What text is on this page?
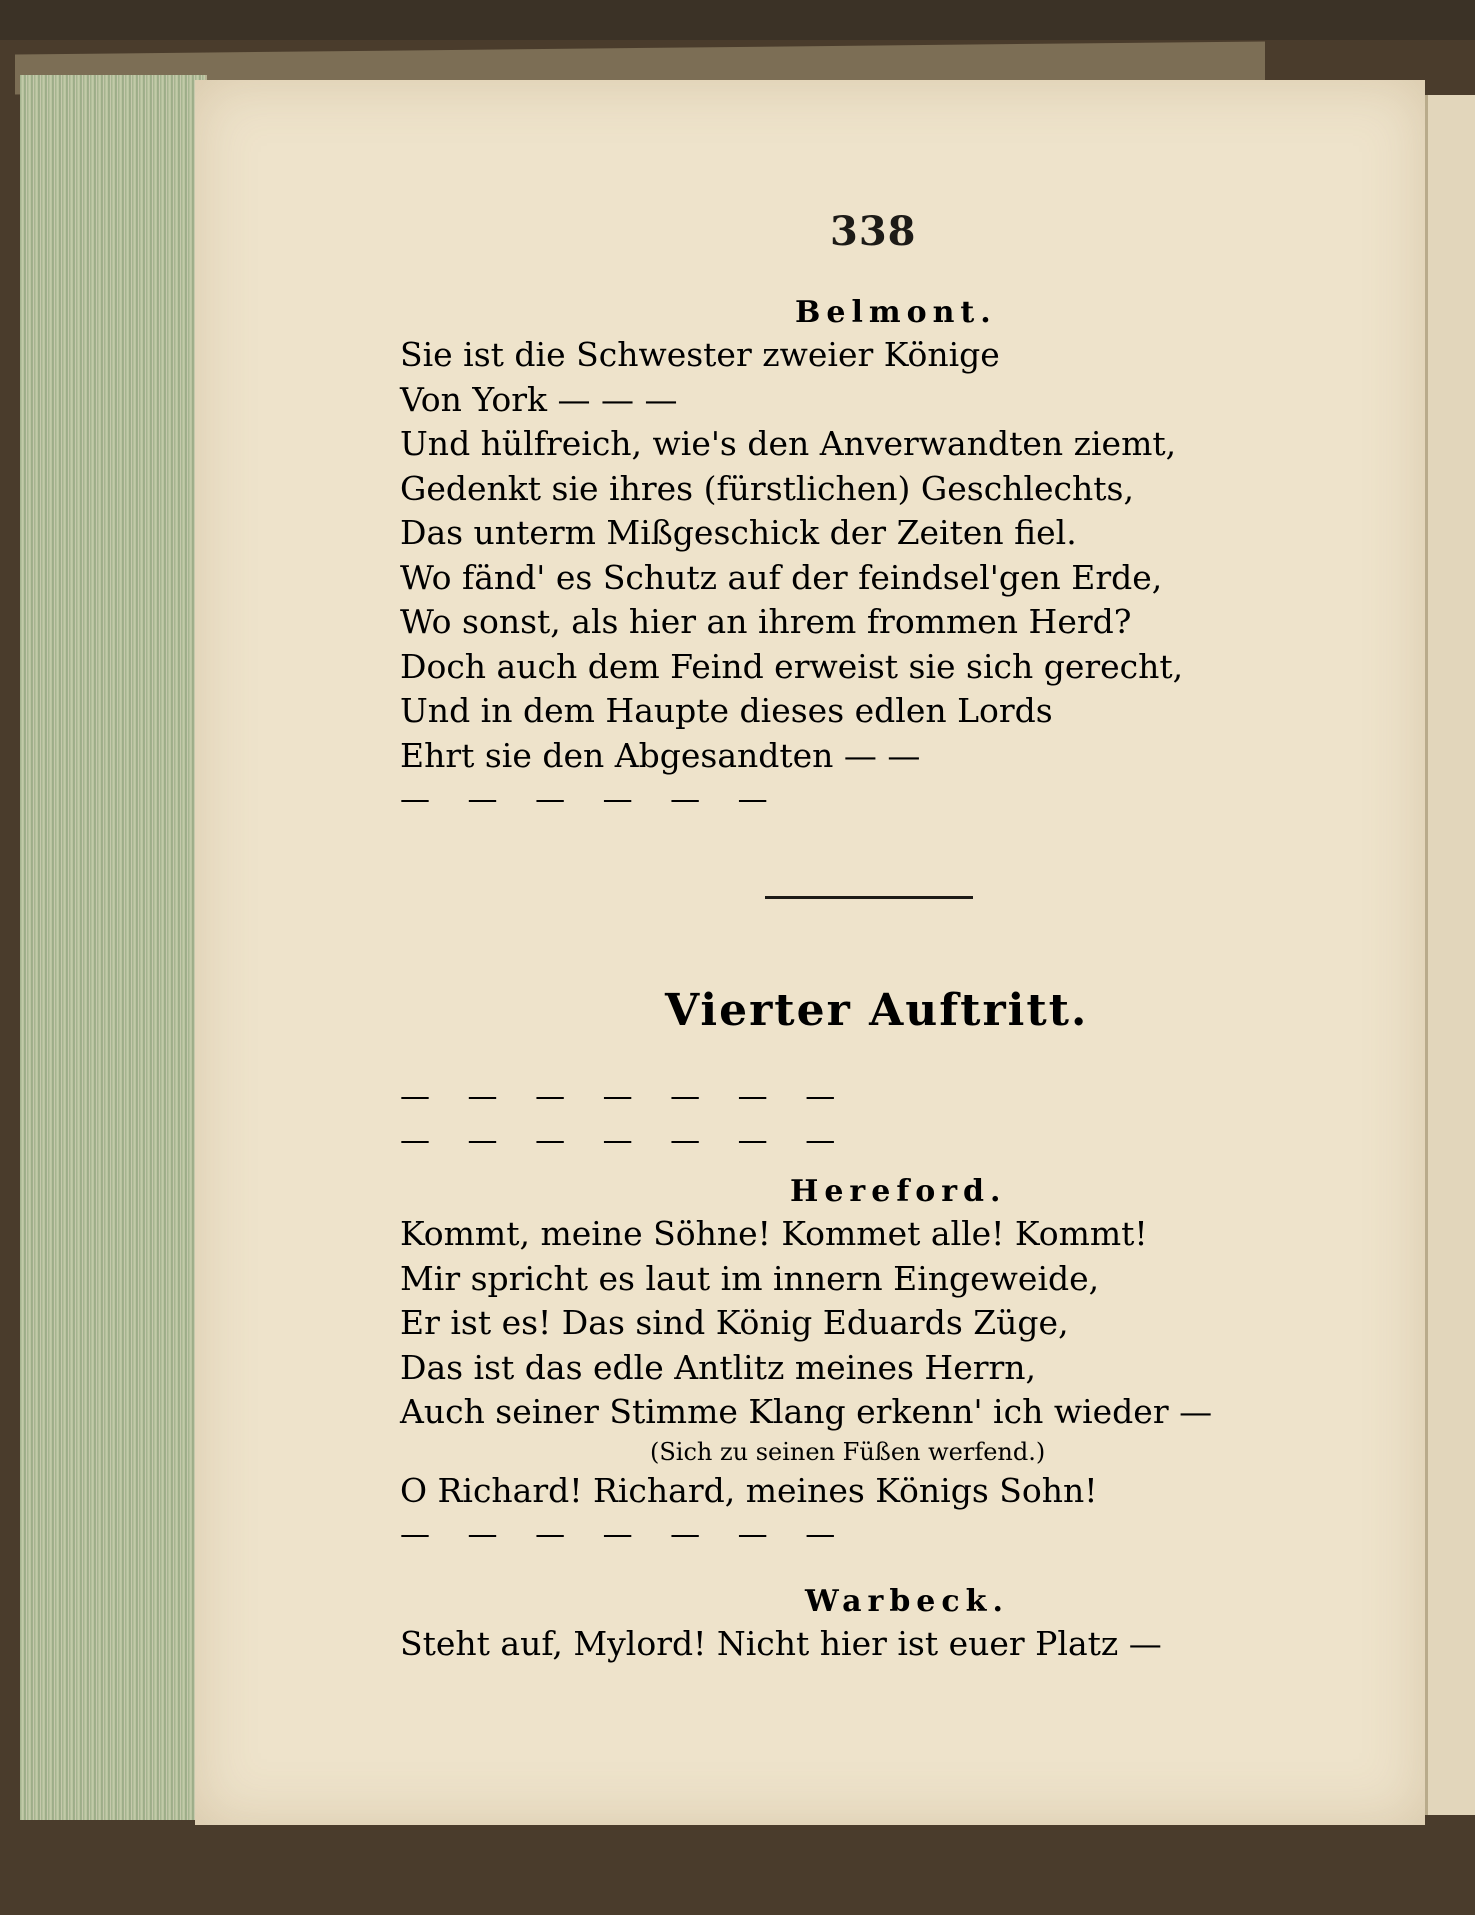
338

Belmont.

Sie ist die Schwester zweier Könige

Von York — — —

Und hülfreich, wie's den Anverwandten ziemt,

Gedenkt sie ihres (fürstlichen) Geschlechts,

Das unterm Mißgeschick der Zeiten fiel.

Wo fänd' es Schutz auf der feindsel'gen Erde,

Wo sonst, als hier an ihrem frommen Herd?

Doch auch dem Feind erweist sie sich gerecht,

Und in dem Haupte dieses edlen Lords

Ehrt sie den Abgesandten — —

— — — — — —

Vierter Auftritt.

— — — — — — —

— — — — — — —

Hereford.

Kommt, meine Söhne! Kommet alle! Kommt!

Mir spricht es laut im innern Eingeweide,

Er ist es! Das sind König Eduards Züge,

Das ist das edle Antlitz meines Herrn,

Auch seiner Stimme Klang erkenn' ich wieder —

(Sich zu seinen Füßen werfend.)

O Richard! Richard, meines Königs Sohn!

— — — — — — —

Warbeck.

Steht auf, Mylord! Nicht hier ist euer Platz —
